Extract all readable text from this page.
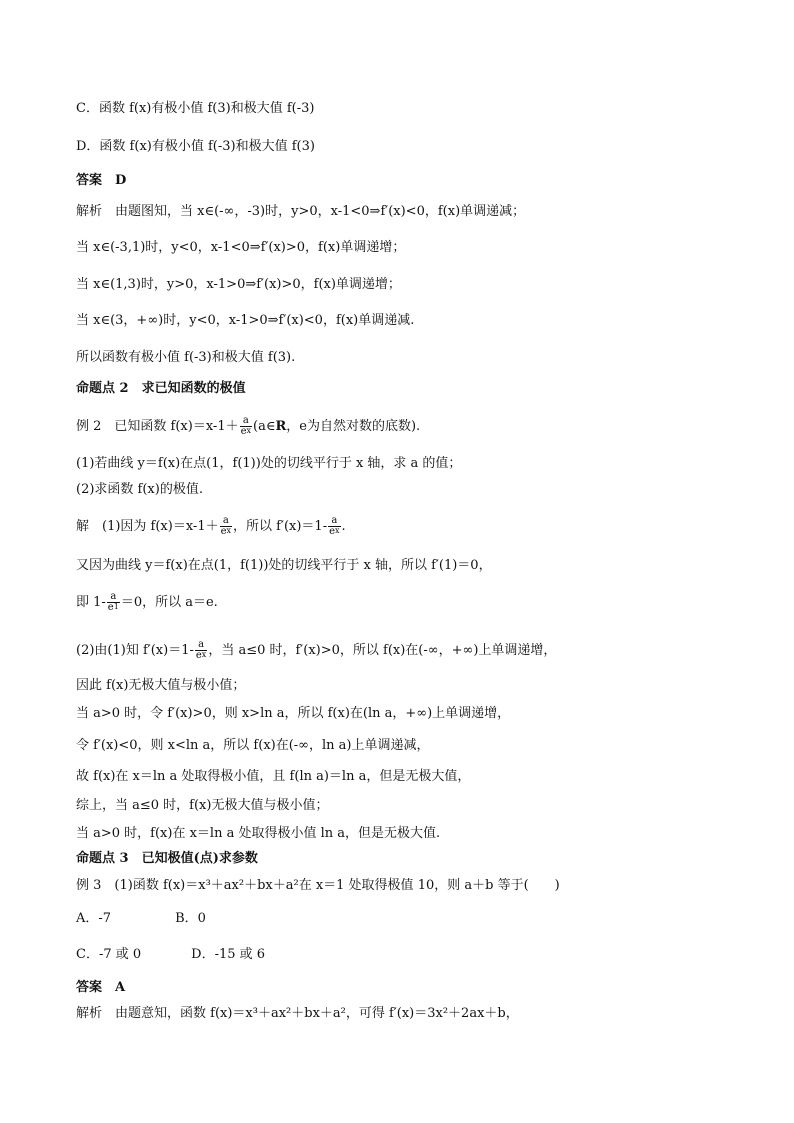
C．函数 f(x)有极小值 f(3)和极大值 f(-3)
D．函数 f(x)有极小值 f(-3)和极大值 f(3)
答案　D
解析　由题图知，当 x∈(-∞，-3)时，y>0，x-1<0⇒f′(x)<0，f(x)单调递减；
当 x∈(-3,1)时，y<0，x-1<0⇒f′(x)>0，f(x)单调递增；
当 x∈(1,3)时，y>0，x-1>0⇒f′(x)>0，f(x)单调递增；
当 x∈(3，+∞)时，y<0，x-1>0⇒f′(x)<0，f(x)单调递减.
所以函数有极小值 f(-3)和极大值 f(3).
命题点 2　求已知函数的极值
例 2　已知函数 $f(x)=x-1+ \frac{a}{e^x}$ (a∈R，e为自然对数的底数).
(1)若曲线 y＝f(x)在点(1，f(1))处的切线平行于 x 轴，求 a 的值；
(2)求函数 f(x)的极值.
解　(1)因为 $f(x)=x-1+ \frac{a}{e^x}$ ，所以 $f'(x)=1- \frac{a}{e^x}$ .
又因为曲线 y＝f(x)在点(1，f(1))处的切线平行于 x 轴，所以 f′(1)＝0，
即 $1- \frac{a}{e^1} =0$，所以 a＝e.
(2)由(1)知 $f'(x)=1- \frac{a}{e^x}$ ，当 a≤0 时，f′(x)>0，所以 f(x)在(-∞，+∞)上单调递增，
因此 f(x)无极大值与极小值；
当 a>0 时，令 f′(x)>0，则 x>ln a，所以 f(x)在(ln a，+∞)上单调递增，
令 f′(x)<0，则 x<ln a，所以 f(x)在(-∞，ln a)上单调递减，
故 f(x)在 x＝ln a 处取得极小值，且 f(ln a)＝ln a，但是无极大值，
综上，当 a≤0 时，f(x)无极大值与极小值；
当 a>0 时，f(x)在 x＝ln a 处取得极小值 ln a，但是无极大值.
命题点 3　已知极值(点)求参数
例 3　(1)函数 f(x)＝x³＋ax²＋bx＋a²在 x＝1 处取得极值 10，则 a＋b 等于(　　)
A．-7	B．0
C．-7 或 0	D．-15 或 6
答案　A
解析　由题意知，函数 f(x)＝x³＋ax²＋bx＋a²，可得 f′(x)＝3x²＋2ax＋b，
